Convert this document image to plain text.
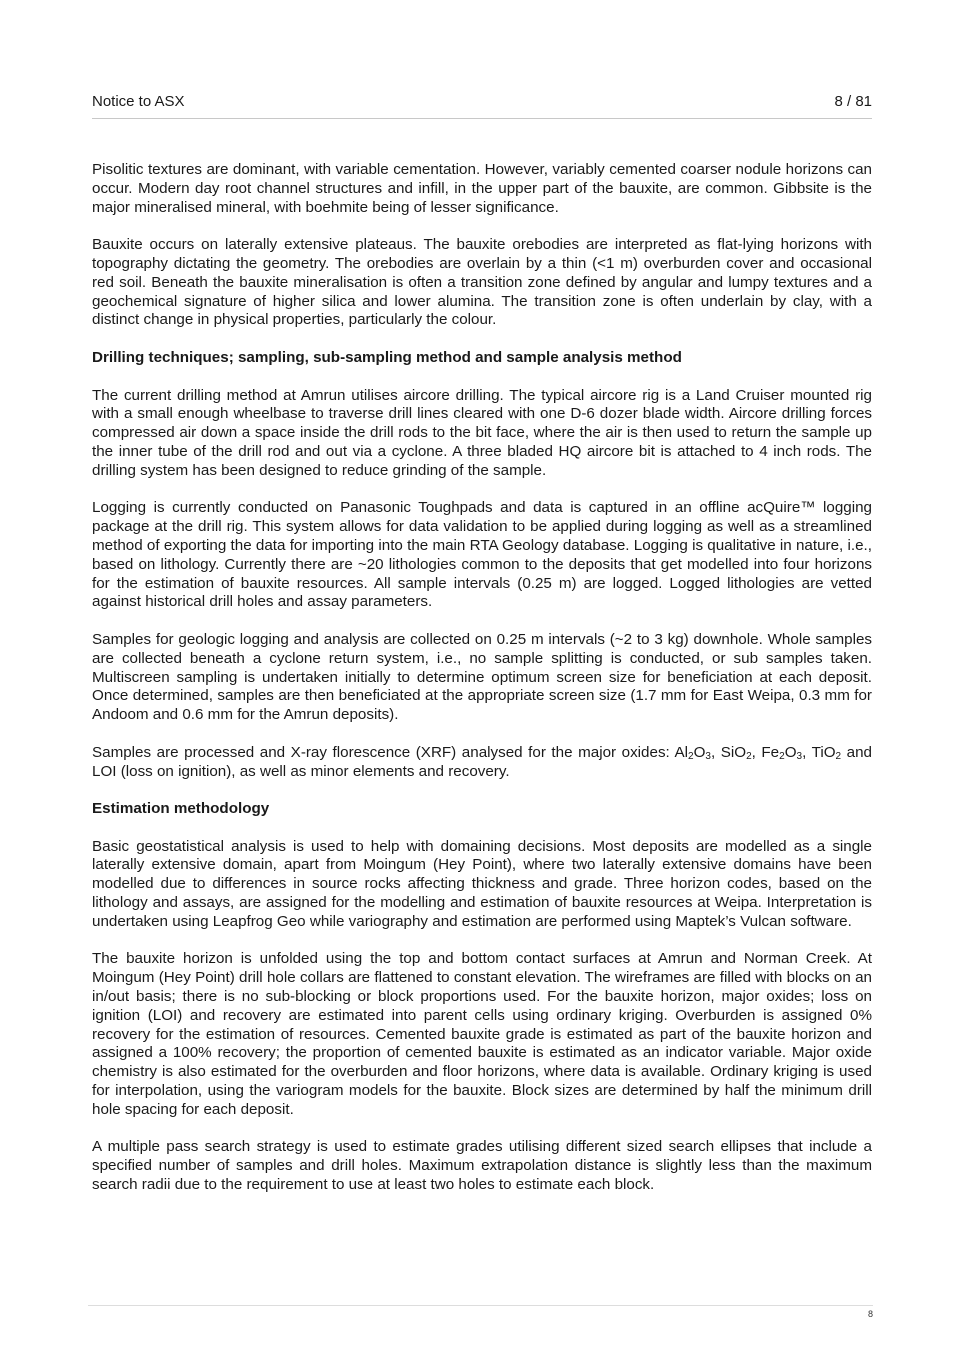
Notice to ASX	8 / 81

Pisolitic textures are dominant, with variable cementation. However, variably cemented coarser nodule horizons can occur. Modern day root channel structures and infill, in the upper part of the bauxite, are common. Gibbsite is the major mineralised mineral, with boehmite being of lesser significance.

Bauxite occurs on laterally extensive plateaus. The bauxite orebodies are interpreted as flat-lying horizons with topography dictating the geometry. The orebodies are overlain by a thin (<1 m) overburden cover and occasional red soil. Beneath the bauxite mineralisation is often a transition zone defined by angular and lumpy textures and a geochemical signature of higher silica and lower alumina. The transition zone is often underlain by clay, with a distinct change in physical properties, particularly the colour.

Drilling techniques; sampling, sub-sampling method and sample analysis method

The current drilling method at Amrun utilises aircore drilling. The typical aircore rig is a Land Cruiser mounted rig with a small enough wheelbase to traverse drill lines cleared with one D-6 dozer blade width. Aircore drilling forces compressed air down a space inside the drill rods to the bit face, where the air is then used to return the sample up the inner tube of the drill rod and out via a cyclone. A three bladed HQ aircore bit is attached to 4 inch rods. The drilling system has been designed to reduce grinding of the sample.

Logging is currently conducted on Panasonic Toughpads and data is captured in an offline acQuire™ logging package at the drill rig. This system allows for data validation to be applied during logging as well as a streamlined method of exporting the data for importing into the main RTA Geology database. Logging is qualitative in nature, i.e., based on lithology. Currently there are ~20 lithologies common to the deposits that get modelled into four horizons for the estimation of bauxite resources. All sample intervals (0.25 m) are logged. Logged lithologies are vetted against historical drill holes and assay parameters.

Samples for geologic logging and analysis are collected on 0.25 m intervals (~2 to 3 kg) downhole. Whole samples are collected beneath a cyclone return system, i.e., no sample splitting is conducted, or sub samples taken. Multiscreen sampling is undertaken initially to determine optimum screen size for beneficiation at each deposit. Once determined, samples are then beneficiated at the appropriate screen size (1.7 mm for East Weipa, 0.3 mm for Andoom and 0.6 mm for the Amrun deposits).

Samples are processed and X-ray florescence (XRF) analysed for the major oxides: $Al_2O_3$, SiO$_2$, $Fe_2O_3$, TiO$_2$ and LOI (loss on ignition), as well as minor elements and recovery.

Estimation methodology

Basic geostatistical analysis is used to help with domaining decisions. Most deposits are modelled as a single laterally extensive domain, apart from Moingum (Hey Point), where two laterally extensive domains have been modelled due to differences in source rocks affecting thickness and grade. Three horizon codes, based on the lithology and assays, are assigned for the modelling and estimation of bauxite resources at Weipa. Interpretation is undertaken using Leapfrog Geo while variography and estimation are performed using Maptek’s Vulcan software.

The bauxite horizon is unfolded using the top and bottom contact surfaces at Amrun and Norman Creek. At Moingum (Hey Point) drill hole collars are flattened to constant elevation. The wireframes are filled with blocks on an in/out basis; there is no sub-blocking or block proportions used. For the bauxite horizon, major oxides; loss on ignition (LOI) and recovery are estimated into parent cells using ordinary kriging. Overburden is assigned 0% recovery for the estimation of resources. Cemented bauxite grade is estimated as part of the bauxite horizon and assigned a 100% recovery; the proportion of cemented bauxite is estimated as an indicator variable. Major oxide chemistry is also estimated for the overburden and floor horizons, where data is available. Ordinary kriging is used for interpolation, using the variogram models for the bauxite. Block sizes are determined by half the minimum drill hole spacing for each deposit.

A multiple pass search strategy is used to estimate grades utilising different sized search ellipses that include a specified number of samples and drill holes. Maximum extrapolation distance is slightly less than the maximum search radii due to the requirement to use at least two holes to estimate each block.

8
